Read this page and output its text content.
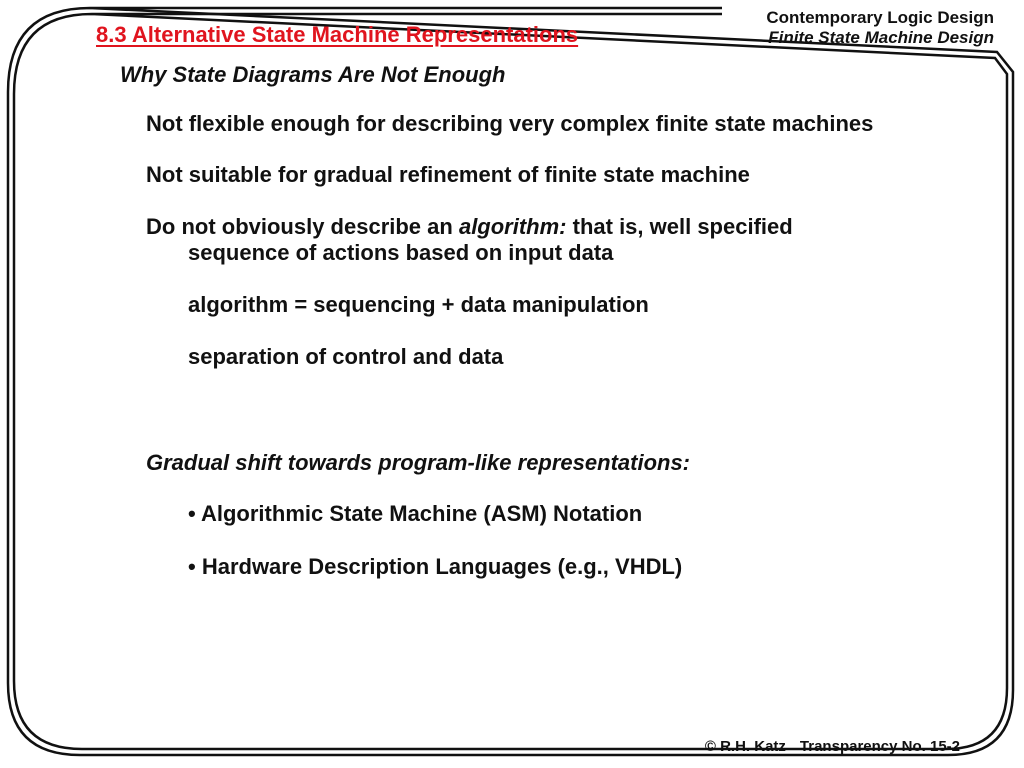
8.3 Alternative State Machine Representations
Contemporary Logic Design
Finite State Machine Design
Why State Diagrams Are Not Enough
Not flexible enough for describing very complex finite state machines
Not suitable for gradual refinement of finite state machine
Do not obviously describe an algorithm: that is, well specified
sequence of actions based on input data
algorithm = sequencing + data manipulation
separation of control and data
Gradual shift towards program-like representations:
• Algorithmic State Machine (ASM) Notation
• Hardware Description Languages (e.g., VHDL)
© R.H. Katz Transparency No. 15-2
